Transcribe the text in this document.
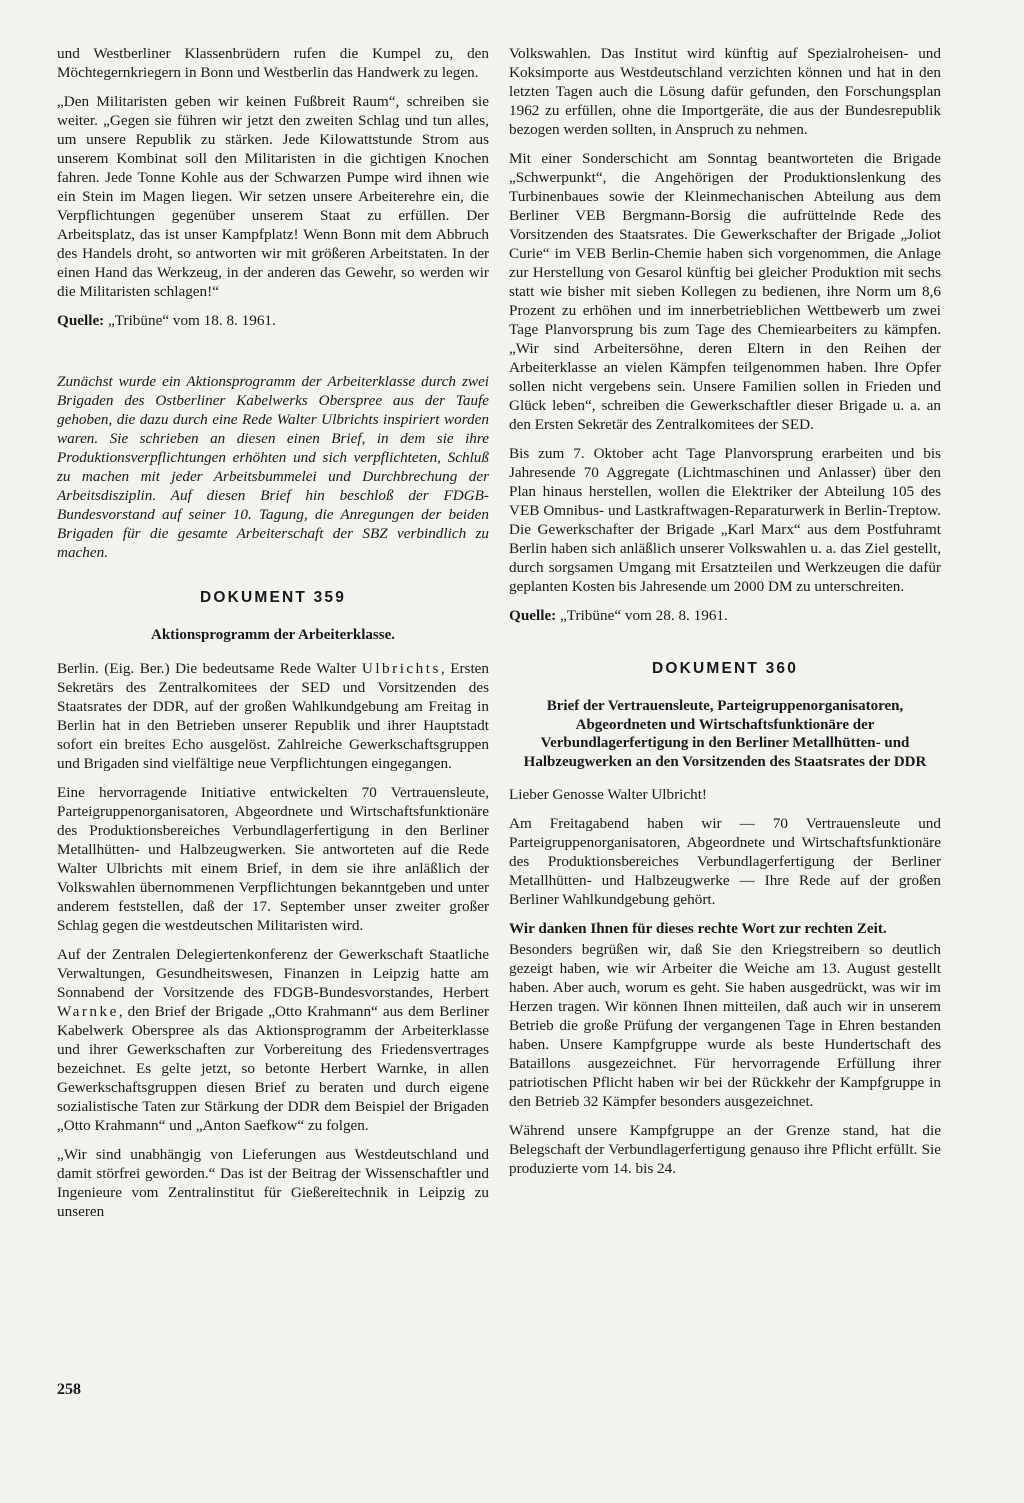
und Westberliner Klassenbrüdern rufen die Kumpel zu, den Möchtegernkriegern in Bonn und Westberlin das Handwerk zu legen.

„Den Militaristen geben wir keinen Fußbreit Raum“, schreiben sie weiter. „Gegen sie führen wir jetzt den zweiten Schlag und tun alles, um unsere Republik zu stärken. Jede Kilowattstunde Strom aus unserem Kombinat soll den Militaristen in die gichtigen Knochen fahren. Jede Tonne Kohle aus der Schwarzen Pumpe wird ihnen wie ein Stein im Magen liegen. Wir setzen unsere Arbeiterehre ein, die Verpflichtungen gegenüber unserem Staat zu erfüllen. Der Arbeitsplatz, das ist unser Kampfplatz! Wenn Bonn mit dem Abbruch des Handels droht, so antworten wir mit größeren Arbeitstaten. In der einen Hand das Werkzeug, in der anderen das Gewehr, so werden wir die Militaristen schlagen!“

Quelle: „Tribüne“ vom 18. 8. 1961.

Zunächst wurde ein Aktionsprogramm der Arbeiterklasse durch zwei Brigaden des Ostberliner Kabelwerks Oberspree aus der Taufe gehoben, die dazu durch eine Rede Walter Ulbrichts inspiriert worden waren. Sie schrieben an diesen einen Brief, in dem sie ihre Produktionsverpflichtungen erhöhten und sich verpflichteten, Schluß zu machen mit jeder Arbeitsbummelei und Durchbrechung der Arbeitsdisziplin. Auf diesen Brief hin beschloß der FDGB-Bundesvorstand auf seiner 10. Tagung, die Anregungen der beiden Brigaden für die gesamte Arbeiterschaft der SBZ verbindlich zu machen.

DOKUMENT 359
Aktionsprogramm der Arbeiterklasse.

Berlin. (Eig. Ber.) Die bedeutsame Rede Walter Ulbrichts, Ersten Sekretärs des Zentralkomitees der SED und Vorsitzenden des Staatsrates der DDR, auf der großen Wahlkundgebung am Freitag in Berlin hat in den Betrieben unserer Republik und ihrer Hauptstadt sofort ein breites Echo ausgelöst. Zahlreiche Gewerkschaftsgruppen und Brigaden sind vielfältige neue Verpflichtungen eingegangen.

Eine hervorragende Initiative entwickelten 70 Vertrauensleute, Parteigruppenorganisatoren, Abgeordnete und Wirtschaftsfunktionäre des Produktionsbereiches Verbundlagerfertigung in den Berliner Metallhütten- und Halbzeugwerken. Sie antworteten auf die Rede Walter Ulbrichts mit einem Brief, in dem sie ihre anläßlich der Volkswahlen übernommenen Verpflichtungen bekanntgeben und unter anderem feststellen, daß der 17. September unser zweiter großer Schlag gegen die westdeutschen Militaristen wird.

Auf der Zentralen Delegiertenkonferenz der Gewerkschaft Staatliche Verwaltungen, Gesundheitswesen, Finanzen in Leipzig hatte am Sonnabend der Vorsitzende des FDGB-Bundesvorstandes, Herbert Warnke, den Brief der Brigade „Otto Krahmann“ aus dem Berliner Kabelwerk Oberspree als das Aktionsprogramm der Arbeiterklasse und ihrer Gewerkschaften zur Vorbereitung des Friedensvertrages bezeichnet. Es gelte jetzt, so betonte Herbert Warnke, in allen Gewerkschaftsgruppen diesen Brief zu beraten und durch eigene sozialistische Taten zur Stärkung der DDR dem Beispiel der Brigaden „Otto Krahmann“ und „Anton Saefkow“ zu folgen.

„Wir sind unabhängig von Lieferungen aus Westdeutschland und damit störfrei geworden.“ Das ist der Beitrag der Wissenschaftler und Ingenieure vom Zentralinstitut für Gießereitechnik in Leipzig zu unseren

Volkswahlen. Das Institut wird künftig auf Spezialroheisen- und Koksimporte aus Westdeutschland verzichten können und hat in den letzten Tagen auch die Lösung dafür gefunden, den Forschungsplan 1962 zu erfüllen, ohne die Importgeräte, die aus der Bundesrepublik bezogen werden sollten, in Anspruch zu nehmen.

Mit einer Sonderschicht am Sonntag beantworteten die Brigade „Schwerpunkt“, die Angehörigen der Produktionslenkung des Turbinenbaues sowie der Kleinmechanischen Abteilung aus dem Berliner VEB Bergmann-Borsig die aufrüttelnde Rede des Vorsitzenden des Staatsrates. Die Gewerkschafter der Brigade „Joliot Curie“ im VEB Berlin-Chemie haben sich vorgenommen, die Anlage zur Herstellung von Gesarol künftig bei gleicher Produktion mit sechs statt wie bisher mit sieben Kollegen zu bedienen, ihre Norm um 8,6 Prozent zu erhöhen und im innerbetrieblichen Wettbewerb um zwei Tage Planvorsprung bis zum Tage des Chemiearbeiters zu kämpfen. „Wir sind Arbeitersöhne, deren Eltern in den Reihen der Arbeiterklasse an vielen Kämpfen teilgenommen haben. Ihre Opfer sollen nicht vergebens sein. Unsere Familien sollen in Frieden und Glück leben“, schreiben die Gewerkschaftler dieser Brigade u. a. an den Ersten Sekretär des Zentralkomitees der SED.

Bis zum 7. Oktober acht Tage Planvorsprung erarbeiten und bis Jahresende 70 Aggregate (Lichtmaschinen und Anlasser) über den Plan hinaus herstellen, wollen die Elektriker der Abteilung 105 des VEB Omnibus- und Lastkraftwagen-Reparaturwerk in Berlin-Treptow. Die Gewerkschafter der Brigade „Karl Marx“ aus dem Postfuhramt Berlin haben sich anläßlich unserer Volkswahlen u. a. das Ziel gestellt, durch sorgsamen Umgang mit Ersatzteilen und Werkzeugen die dafür geplanten Kosten bis Jahresende um 2000 DM zu unterschreiten.

Quelle: „Tribüne“ vom 28. 8. 1961.

DOKUMENT 360
Brief der Vertrauensleute, Parteigruppenorganisatoren, Abgeordneten und Wirtschaftsfunktionäre der Verbundlagerfertigung in den Berliner Metallhütten- und Halbzeugwerken an den Vorsitzenden des Staatsrates der DDR

Lieber Genosse Walter Ulbricht!

Am Freitagabend haben wir — 70 Vertrauensleute und Parteigruppenorganisatoren, Abgeordnete und Wirtschaftsfunktionäre des Produktionsbereiches Verbundlagerfertigung der Berliner Metallhütten- und Halbzeugwerke — Ihre Rede auf der großen Berliner Wahlkundgebung gehört.

Wir danken Ihnen für dieses rechte Wort zur rechten Zeit.

Besonders begrüßen wir, daß Sie den Kriegstreibern so deutlich gezeigt haben, wie wir Arbeiter die Weiche am 13. August gestellt haben. Aber auch, worum es geht. Sie haben ausgedrückt, was wir im Herzen tragen. Wir können Ihnen mitteilen, daß auch wir in unserem Betrieb die große Prüfung der vergangenen Tage in Ehren bestanden haben. Unsere Kampfgruppe wurde als beste Hundertschaft des Bataillons ausgezeichnet. Für hervorragende Erfüllung ihrer patriotischen Pflicht haben wir bei der Rückkehr der Kampfgruppe in den Betrieb 32 Kämpfer besonders ausgezeichnet.

Während unsere Kampfgruppe an der Grenze stand, hat die Belegschaft der Verbundlagerfertigung genauso ihre Pflicht erfüllt. Sie produzierte vom 14. bis 24.

258
